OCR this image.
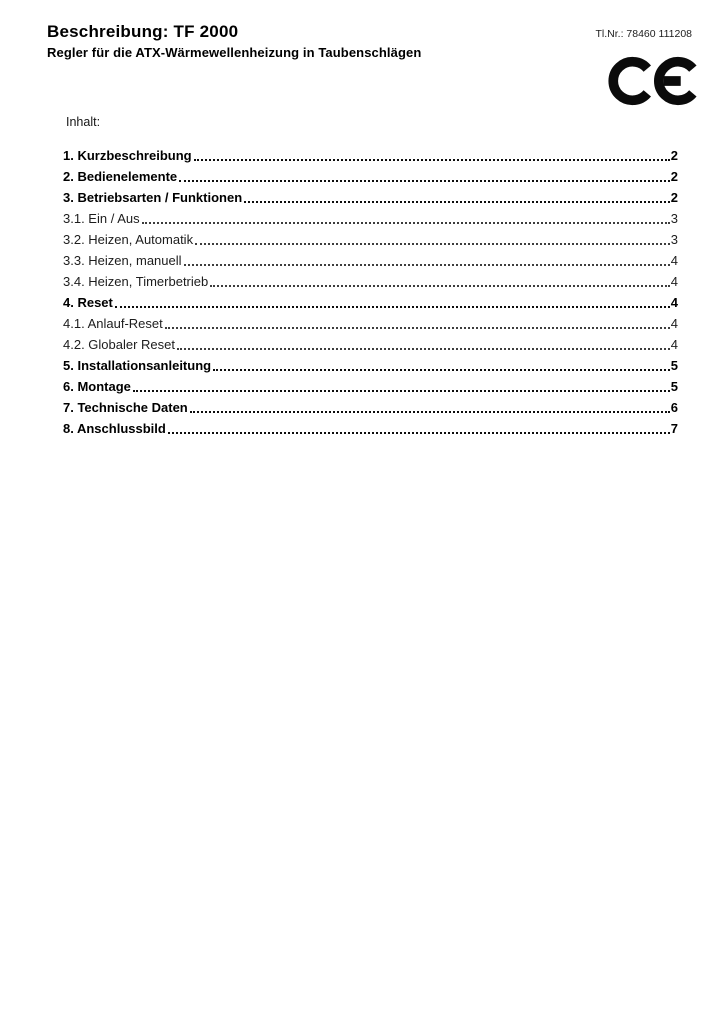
Beschreibung: TF 2000
Regler für die ATX-Wärmewellenheizung in Taubenschlägen
Tl.Nr.: 78460 111208
Inhalt:
1. Kurzbeschreibung	2
2. Bedienelemente	2
3. Betriebsarten / Funktionen	2
3.1. Ein / Aus	3
3.2. Heizen, Automatik	3
3.3. Heizen, manuell	4
3.4. Heizen, Timerbetrieb	4
4. Reset	4
4.1. Anlauf-Reset	4
4.2. Globaler Reset	4
5. Installationsanleitung	5
6. Montage	5
7. Technische Daten	6
8. Anschlussbild	7
